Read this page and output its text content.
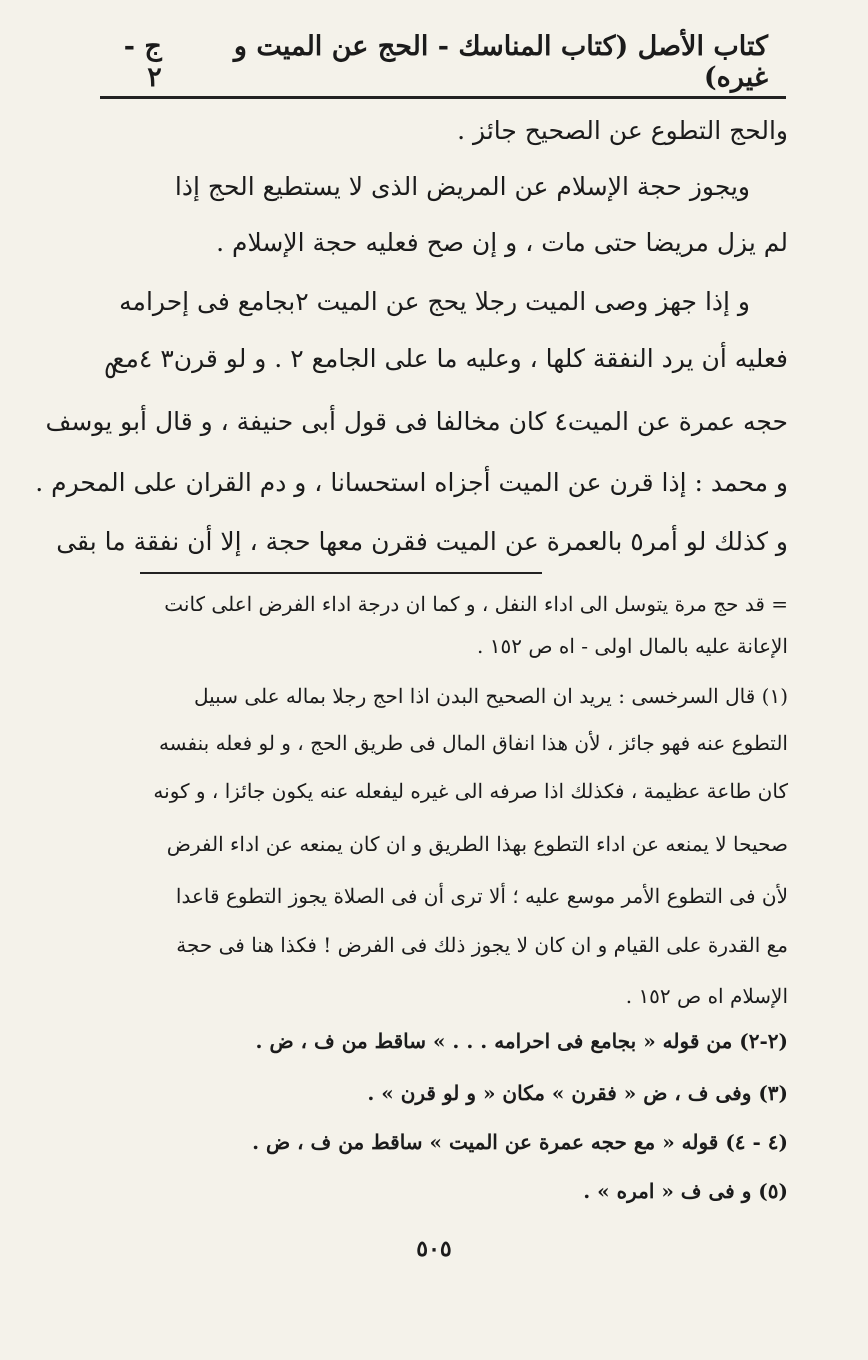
كتاب الأصل (كتاب المناسك - الحج عن الميت و غيره)
ج - ٢
والحج التطوع عن الصحيح جائز .
ويجوز حجة الإسلام عن المريض الذى لا يستطيع الحج إذا
لم يزل مريضا حتى مات ، و إن صح فعليه حجة الإسلام .
و إذا جهز وصى الميت رجلا يحج عن الميت ٢بجامع فى إحرامه
فعليه أن يرد النفقة كلها ، وعليه ما على الجامع ٢ . و لو قرن٣ ٤مع
حجه عمرة عن الميت٤ كان مخالفا فى قول أبى حنيفة ، و قال أبو يوسف
و محمد : إذا قرن عن الميت أجزاه استحسانا ، و دم القران على المحرم .
و كذلك لو أمر٥ بالعمرة عن الميت فقرن معها حجة ، إلا أن نفقة ما بقى
٥
= قد حج مرة يتوسل الى اداء النفل ، و كما ان درجة اداء الفرض اعلى كانت
الإعانة عليه بالمال اولى - اه ص ١٥٢ .
(١) قال السرخسى : يريد ان الصحيح البدن اذا احج رجلا بماله على سبيل
التطوع عنه فهو جائز ، لأن هذا انفاق المال فى طريق الحج ، و لو فعله بنفسه
كان طاعة عظيمة ، فكذلك اذا صرفه الى غيره ليفعله عنه يكون جائزا ، و كونه
صحيحا لا يمنعه عن اداء التطوع بهذا الطريق و ان كان يمنعه عن اداء الفرض
لأن فى التطوع الأمر موسع عليه ؛ ألا ترى أن فى الصلاة يجوز التطوع قاعدا
مع القدرة على القيام و ان كان لا يجوز ذلك فى الفرض ! فكذا هنا فى حجة
الإسلام اه ص ١٥٢ .
(٢-٢) من قوله « بجامع فى احرامه . . . » ساقط من ف ، ض .
(٣) وفى ف ، ض « فقرن » مكان « و لو قرن » .
(٤ - ٤) قوله « مع حجه عمرة عن الميت » ساقط من ف ، ض .
(٥) و فى ف « امره » .
٥٠٥
